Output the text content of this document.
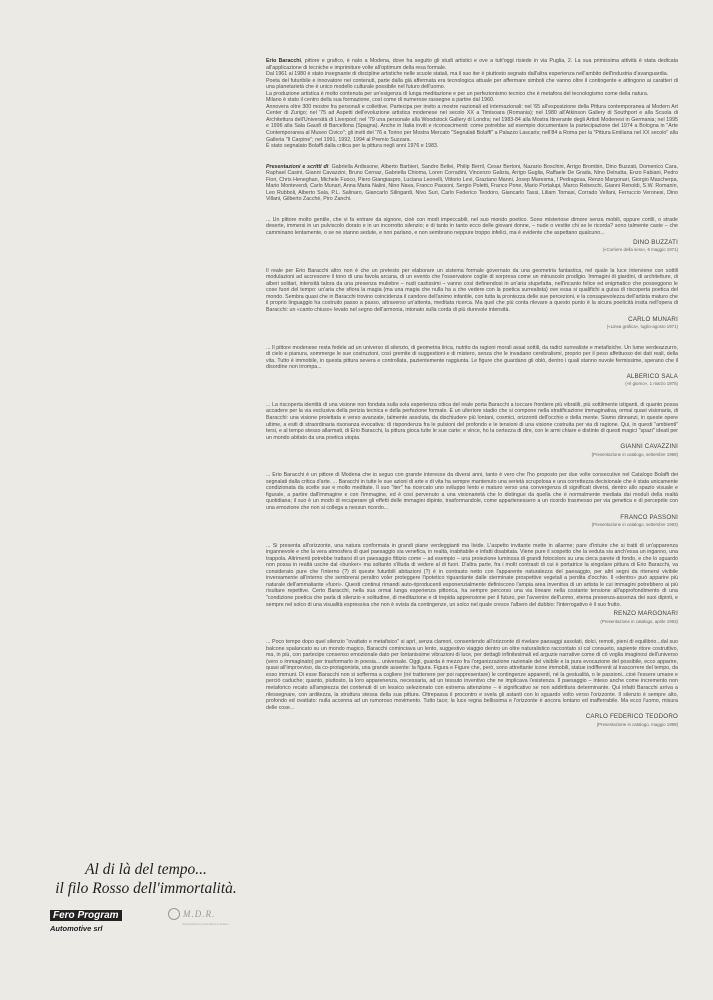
Erio Baracchi, pittore e grafico, è nato a Modena, dove ha seguito gli studi artistici e ove a tutt'oggi risiede in via Puglia, 2. La sua primissima attività è stata dedicata all'applicazione di tecniche e imprimiture volte all'optimum della resa formale.

Dal 1961 al 1980 è stato insegnante di discipline artistiche nelle scuole statali, ma il suo iter è piuttosto segnato dall'altra esperienza nell'ambito dell'industria d'avanguardia.

Poeta del futuribile e innovatore nei contenuti, parte dalla già affermata era tecnologica attuale per affermare simboli che vanno oltre il contingente e attingono ai caratteri di una planetarietà che è unico modello culturale possibile nel futuro dell'uomo.

La produzione artistica è molto contenuta per un'esigenza di lunga meditazione e per un perfezionismo tecnico che è metafora del tecnologismo come della natura.

Milano è stato il centro della sua formazione, così come di numerose rassegne a partire dal 1960.

Annovera oltre 300 mostre fra personali e collettive. Partecipa per invito a mostre nazionali ed internazionali: nel '65 all'esposizione della Pittura contemporanea al Modern Art Center di Zurigo; nel '75 ad Aspetti dell'evoluzione artistica modenese nel secolo XX a Timisoara (Romania); nel 1980 all'Atkinson Gallery di Southport e alla Scuola di Architettura dell'Università di Liverpool; nel '79 una personale alla Woodstock Gallery di Londra; nel 1983-84 alla Mostra Itinerante degli Artisti Modenesi in Germania; nel 1995 e 1996 alla Sala Gaudì di Barcellona (Spagna). Anche in Italia inviti e riconoscimenti: come potrebbe ad esempio documentare la partecipazione del 1974 a Bologna in "Arte Contemporanea al Museo Civico"; gli inviti del '76 a Torino per Mostra Mercato "Segnalati Bolaffi" a Palazzo Lascaris; nell'84 a Roma per la "Pittura Emiliana nel XX secolo" alla Galleria "Il Carpine"; nel 1991, 1992, 1994 al Premio Suzzara.

È stato segnalato Bolaffi dalla critica per la pittura negli anni 1976 e 1983.

Presentazioni e scritti di: Gabriella Ardissone, Alberto Barbieri, Sandro Bellei, Philip Berril, Cesar Bertoni, Nazario Boschini, Arrigo Brombin, Dino Buzzati, Domenico Cara, Raphael Casini, Gianni Cavazzini, Bruno Cernaz, Gabriella Chioma, Loren Corradini, Vincenzo Galizia, Arrigo Guglia, Raffaele De Grada, Nino Delnatta, Enzo Fabiani, Pedro Fiori, Chris Heneghan, Michele Fuoco, Piero Giangiaspro, Luciana Leonelli, Vittorio Levi, Graziano Manni, Josep Maresma, I Pedragosa, Renzo Margonari, Giorgio Mascherpa, Mario Monteverdi, Carlo Munari, Anna Maria Nalini, Nino Nava, Franco Passoni, Sergio Poletti, Franco Pone, Mario Portalupi, Marco Rebeschi, Gianni Renoldi, S.W. Romanin, Leo Rubboli, Alberto Sala, P.L. Salinaro, Giancarlo Silingardi, Nivo Suri, Carlo Federico Teodoro, Giancarlo Tassi, Liliam Tomasi, Corrado Vellani, Ferruccio Veronesi, Dino Villani, Gilberto Zacchè, Piro Zanchi.

... Un pittore molto gentile, che vi fa entrare da signore, cioè con modi impeccabili, nel suo mondo poetico. Sono misteriose dimore senza mobili, oppure cortili, o strade deserte, immersi in un pulviscolo dorato e in un incorrotto silenzio; e di tanto in tanto ecco delle giovani donne, – nude o vestite chi se le ricorda? sono talmente caste – che camminano lentamente, o se ne stanno sedute, e non parlano, e non sembrano neppure troppo infelici, ma è evidente che aspettano qualcuno...

DINO BUZZATI
(«Corriere della sera», 6 maggio 1971)

Il reale per Erio Baracchi altro non è che un pretesto per elaborare un sistema formale governato da una geometria fantastica, nel quale la luce interviene con sottili modulazioni ad accrescere il tono di una favola arcana, di un evento che l'osservatore coglie di sorpresa come un minuscolo prodigio. Immagini di giardini, di architetture, di alberi solitari, intensità talora da una presenza muliebre – nudi castissimi – vanno così definendosi in un'aria stupefatta, nell'incanto felice ed enigmatico che posseggono le cose fuori del tempo: un'aria che sfiora la magia (ma una magia che nulla ha a che vedere con la poetica surrealista) ove essa si qualifichi a guisa di riscoperta poetica del mondo. Sembra quasi che in Baracchi trovino coincidenza il candore dell'animo infantile, con tutta la prontezza delle sue percezioni, e la consapevolezza dell'artista maturo che il proprio linguaggio ha costruito passo a passo, attraverso un'attenta, meditata ricerca. Ma quel che più conta rilevare a questo punto è la sicura poeticità insita nell'opera di Baracchi: un «canto chiuso» levato nel segno dell'armonia, intonato sulla corda di più durevole intensità.

CARLO MUNARI
(«Linea grafica», luglio-agosto 1971)

... Il pittore modenese resta fedele ad un universo di silenzio, di geometria lirica, nutrito da ragioni morali assai sottili, da radici surrealiste e metafisiche. Un lume verdeazzurro, di cielo e pianura, sommerge le sue costruzioni, così gremite di suggestioni e di mistero, senza che le invadano cerebralismi, proprio per il peso affettuoso dei dati reali, della vita. Tutto è immobile, in questa pittura severa e controllata, pazientemente raggiunta. Le figure che guardano gli oblò, dentro i quali stanno nuvole fermissime, sperano che il disordine non irrompa...

ALBERICO SALA
(«Il giorno», 1 marzo 1975)

... La riscoperta identità di una visione non fondata sulla sola esperienza ottica del reale porta Baracchi a toccare frontiere più vibratili, più sottilmente istiganti, di quanto possa accadere per la via esclusiva della perizia tecnica e della perfezione formale. E un ulteriore stadio che si compone nella stratificazione immaginativa, ormai quasi visionaria, di Baracchi: una visione proiettata e verso avanzate, talmente assoluta, da dischiudere più lontani, cosmici, orizzonti dell'occhio e della mente. Siamo dinnanzi, in queste opere ultime, a esiti di straordinaria risonanza evocativa: di rispondenza fra le pulsioni del profondo e le tensioni di una visione costruita per via di ragione. Qui, in questi "ambienti" tersi, e al tempo stesso allarmati, di Erio Baracchi, la pittura gioca tutte le sue carte: e vince, ho la certezza di dire, con le armi chiare e distinte di questi magici "spazi" ideati per un mondo abitato da una poetica utopia.

GIANNI CAVAZZINI
(Presentazione in catalogo, settembre 1988)

... Erio Baracchi è un pittore di Modena che io seguo con grande interesse da diversi anni, tanto è vero che l'ho proposto per due volte consecutive nel Catalogo Bolaffi dei segnalati dalla critica d'arte. ... Baracchi in tutte le sue azioni di arte e di vita ha sempre mantenuto una serietà scrupolosa e una correttezza decisionale che è stata unicamente condizionata da scelte sue e molto meditate. Il suo "iter" ha ricercato uno sviluppo lento e maturo verso una convergenza di significati diversi, dentro allo spazio visuale e figurale, a partire dall'immagine e con l'immagine, ed è così pervenuto a una visionarietà che lo distingue da quella che è normalmente mediata dai moduli della realtà quotidiana; il suo è un modo di recuperare gli effetti delle immagini dipinte, trasformandole, come appartenessero a un ricordo trasmesso per via genetica e di perceprile con una emozione che non si collega a nessun ricordo...

FRANCO PASSONI
(Presentazione in catalogo, settembre 1983)

... Si presenta all'orizzonte, una natura conformata in grandi piane verdeggianti ma livide. L'aspetto invitante mette in allarme; pare d'intuire che si tratti di un'apparenza ingannevole e che la vera atmosfera di quel paesaggio sia venefica, in realtà, inabitabile e infatti disabitata. Viene pure il sospetto che la veduta sia anch'essa un inganno, una trappola. Altrimenti potrebbe trattarsi di un paesaggio fittizio come – ad esempio – una proiezione luminosa di grandi fotocolors su una cieca parete di fondo, e che lo sguardo non possa in realtà uscire dal «bunker» ma soltanto s'illuda di vedere al di fuori. D'altra parte, fra i molti contrasti di cui è portatrice la singolare pittura di Erio Baracchi, va considerato pure che l'interno (?) di queste futuribili abitazioni (?) è in contrasto netto con l'apparente naturalezza del paesaggio, per altri segni da ritenersi vivibile inversamente all'interno che sembrerai peraltro voler proteggere l'ipotetico riguardante dalle sterminate prospettive vegetali a perdita d'occhio. Il «dentro» può apparire più naturale dell'ammaliante «fuori». Questi continui rimandi auto-riproducenti esponenzialmente definiscono l'ampia area inventiva di un artista le cui immagini potrebbero ai più risultare repettive. Certo Baracchi, nella sua ormai lunga esperienza pittorica, ha sempre percorso una via lineare nella costante tensione all'approfondimento di una "condizione poetica che parla di silenzio e solitudine, di meditazione e di trepida apprensione per il futuro, per l'avvenire dell'uomo, eterna presenza-assenza dei suoi dipinti, e sempre nel solco di una visualità espressiva che non è svista da contingenze, un solco nel quale cresce l'albero del dubbio: l'interrogativo è il suo frutto.

RENZO MARGONARI
(Presentazione in catalogo, aprile 1993)

... Poco tempo dopo quel silenzio "ovattato e metafisico" si aprì, senza clamori, consentendo all'orizzonte di rivelare paesaggi assolati, dolci, remoti, pieni di equilibrio...dal suo balcone spalancato su un mondo magico, Baracchi cominciava un lento, suggestivo viaggio dentro un oltre naturalistico raccontato sì col consueto, sapiente ritore costruttivo, ma, in più, con partecipe consenso emozionale dato per lontanissime vibrazioni di luce, per dettagli infinitesimali ed arguzie narrative come di cô voglia imaginosi dell'universo (vero o immaginato) per trasformarlo in poesia... universale. Oggi, guarda è mezzo fra l'organizzazione razionale del visibile e la pura evocazione del possibile, ecco apparire, quasi all'improvviso, da co-protagonista, una grande assente: la figura. Figura e Figure che, però, sono attrettante icone immobili, statue indifferenti al trascorrere del tempo, da esso immuni. Di esse Baracchi non si sofferma a cogliere (né trattenere per poi rappresentare) le contingenze apparenti, né la gestualità, o le passioni...cioè l'essere umane e perciò caduche; quanto, piuttosto, la loro apparenenza, necessaria, ad un tessuto inventivo che ne implicava l'esistenza. Il paesaggio – inteso anche come incremento non metaforico recato all'ampiezza dei contenuti di un lessico selezionato con estrema attenzione – è significativo se non addirittura determinante. Qui infatti Baracchi arriva a rilessegnare, con arditezza, la struttura stessa della sua pittura. Oltrepassa il procontro e svela gli astanti con lo sguardo volto verso l'orizzonte. Il silenzio è sempre alto, profondo ed ovattato: nulla accenna ad un rumoroso movimento. Tutto tace; la luce regna bellissima e l'orizzonte è ancora lontano ed inafferrabile. Ma ecco l'uomo, misura delle cose...

CARLO FEDERICO TEODORO
(Presentazione in catalogo, maggio 1998)
Al di là del tempo...
il filo Rosso dell'immortalità.
Fero Program
Automotive srl
M.D.R.
Impianti Elettrici e Automatismi di Modena
